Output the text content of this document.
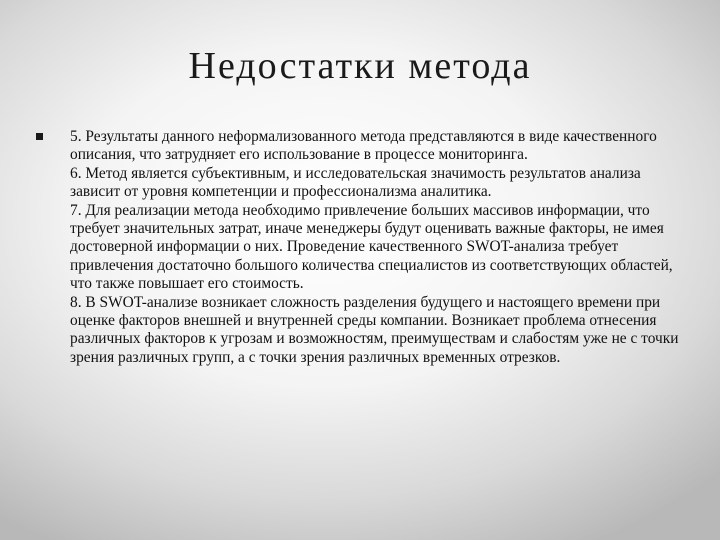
Недостатки метода

5. Результаты данного неформализованного метода представляются в виде качественного описания, что затрудняет его использование в процессе мониторинга.

6. Метод является субъективным, и исследовательская значимость результатов анализа зависит от уровня компетенции и профессионализма аналитика.

7. Для реализации метода необходимо привлечение больших массивов информации, что требует значительных затрат, иначе менеджеры будут оценивать важные факторы, не имея достоверной информации о них. Проведение качественного SWOT-анализа требует привлечения достаточно большого количества специалистов из соответствующих областей, что также повышает его стоимость.

8. В SWOT-анализе возникает сложность разделения будущего и настоящего времени при оценке факторов внешней и внутренней среды компании. Возникает проблема отнесения различных факторов к угрозам и возможностям, преимуществам и слабостям уже не с точки зрения различных групп, а с точки зрения различных временных отрезков.
